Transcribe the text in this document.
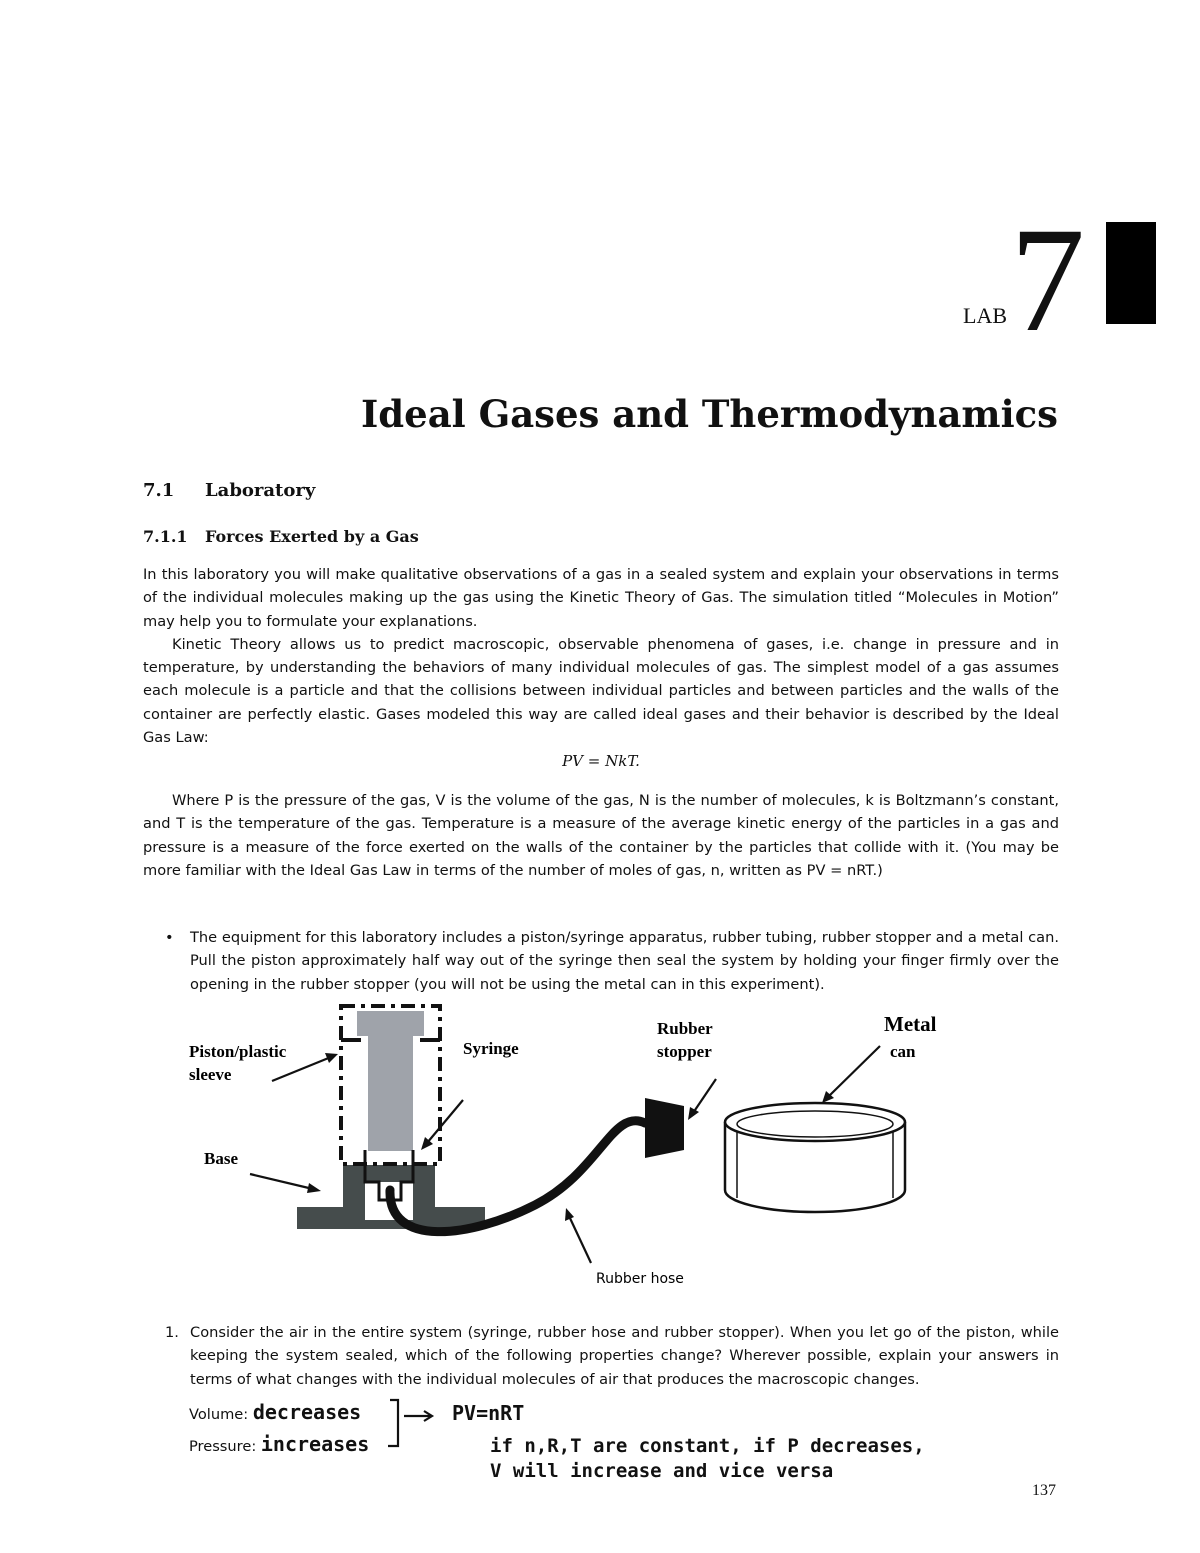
LAB 7
Ideal Gases and Thermodynamics
7.1 Laboratory
7.1.1 Forces Exerted by a Gas

In this laboratory you will make qualitative observations of a gas in a sealed system and explain your observations in terms of the individual molecules making up the gas using the Kinetic Theory of Gas. The simulation titled “Molecules in Motion” may help you to formulate your explanations.

Kinetic Theory allows us to predict macroscopic, observable phenomena of gases, i.e. change in pressure and in temperature, by understanding the behaviors of many individual molecules of gas. The simplest model of a gas assumes each molecule is a particle and that the collisions between individual particles and between particles and the walls of the container are perfectly elastic. Gases modeled this way are called ideal gases and their behavior is described by the Ideal Gas Law:

PV = NkT.

Where P is the pressure of the gas, V is the volume of the gas, N is the number of molecules, k is Boltzmann’s constant, and T is the temperature of the gas. Temperature is a measure of the average kinetic energy of the particles in a gas and pressure is a measure of the force exerted on the walls of the container by the particles that collide with it. (You may be more familiar with the Ideal Gas Law in terms of the number of moles of gas, n, written as PV = nRT.)

• The equipment for this laboratory includes a piston/syringe apparatus, rubber tubing, rubber stopper and a metal can. Pull the piston approximately half way out of the syringe then seal the system by holding your finger firmly over the opening in the rubber stopper (you will not be using the metal can in this experiment).
Piston/plastic
sleeve
Syringe
Base
Rubber
stopper
Metal
can
Rubber hose
1. Consider the air in the entire system (syringe, rubber hose and rubber stopper). When you let go of the piston, while keeping the system sealed, which of the following properties change? Wherever possible, explain your answers in terms of what changes with the individual molecules of air that produces the macroscopic changes.
Volume: decreases
Pressure: increases
PV=nRT
if n,R,T are constant, if P decreases,
V will increase and vice versa
137
